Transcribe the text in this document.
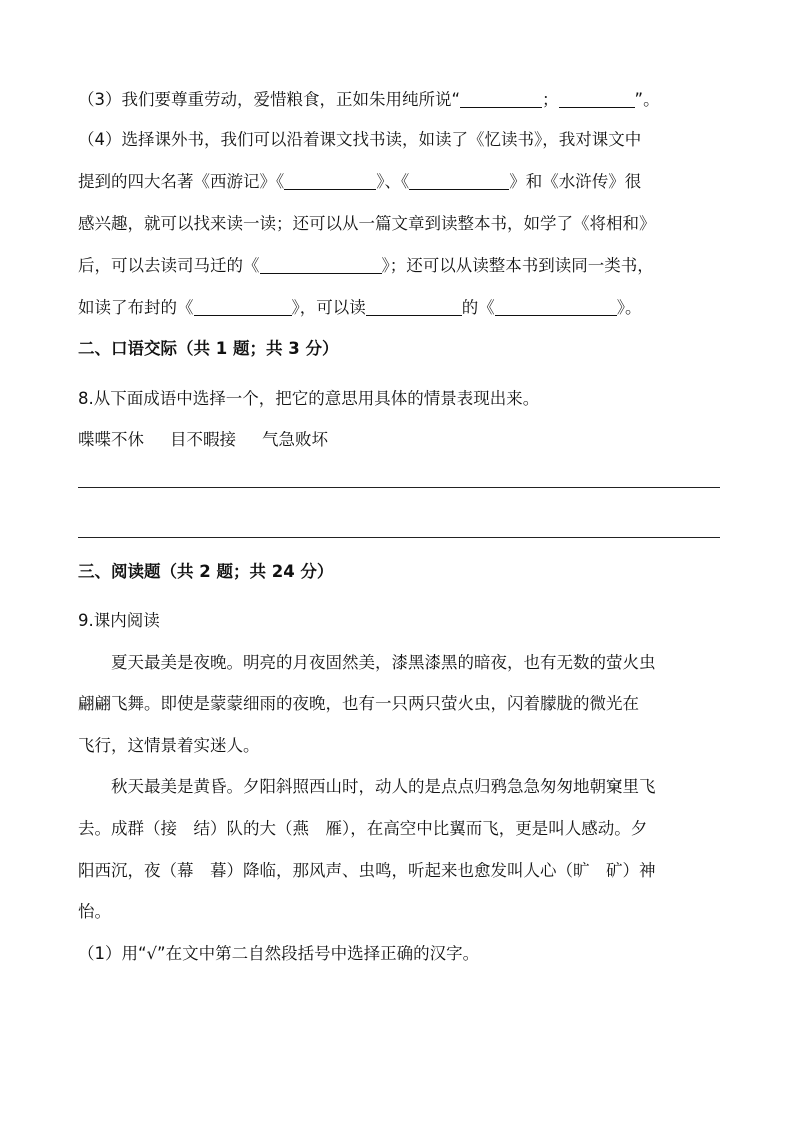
（3）我们要尊重劳动，爱惜粮食，正如朱用纯所说“	；	”。
（4）选择课外书，我们可以沿着课文找书读，如读了《忆读书》，我对课文中
提到的四大名著《西游记》《	》、《	》和《水浒传》很
感兴趣，就可以找来读一读；还可以从一篇文章到读整本书，如学了《将相和》
后，可以去读司马迁的《	》；还可以从读整本书到读同一类书，
如读了布封的《	》，可以读	的《	》。
二、口语交际（共 1 题；共 3 分）
8.从下面成语中选择一个，把它的意思用具体的情景表现出来。
喋喋不休 目不暇接 气急败坏
三、阅读题（共 2 题；共 24 分）
9.课内阅读
夏天最美是夜晚。明亮的月夜固然美，漆黑漆黑的暗夜，也有无数的萤火虫
翩翩飞舞。即使是蒙蒙细雨的夜晚，也有一只两只萤火虫，闪着朦胧的微光在
飞行，这情景着实迷人。
秋天最美是黄昏。夕阳斜照西山时，动人的是点点归鸦急急匆匆地朝窠里飞
去。成群（接　结）队的大（燕　雁），在高空中比翼而飞，更是叫人感动。夕
阳西沉，夜（幕　暮）降临，那风声、虫鸣，听起来也愈发叫人心（旷　矿）神
怡。
（1）用“√”在文中第二自然段括号中选择正确的汉字。
